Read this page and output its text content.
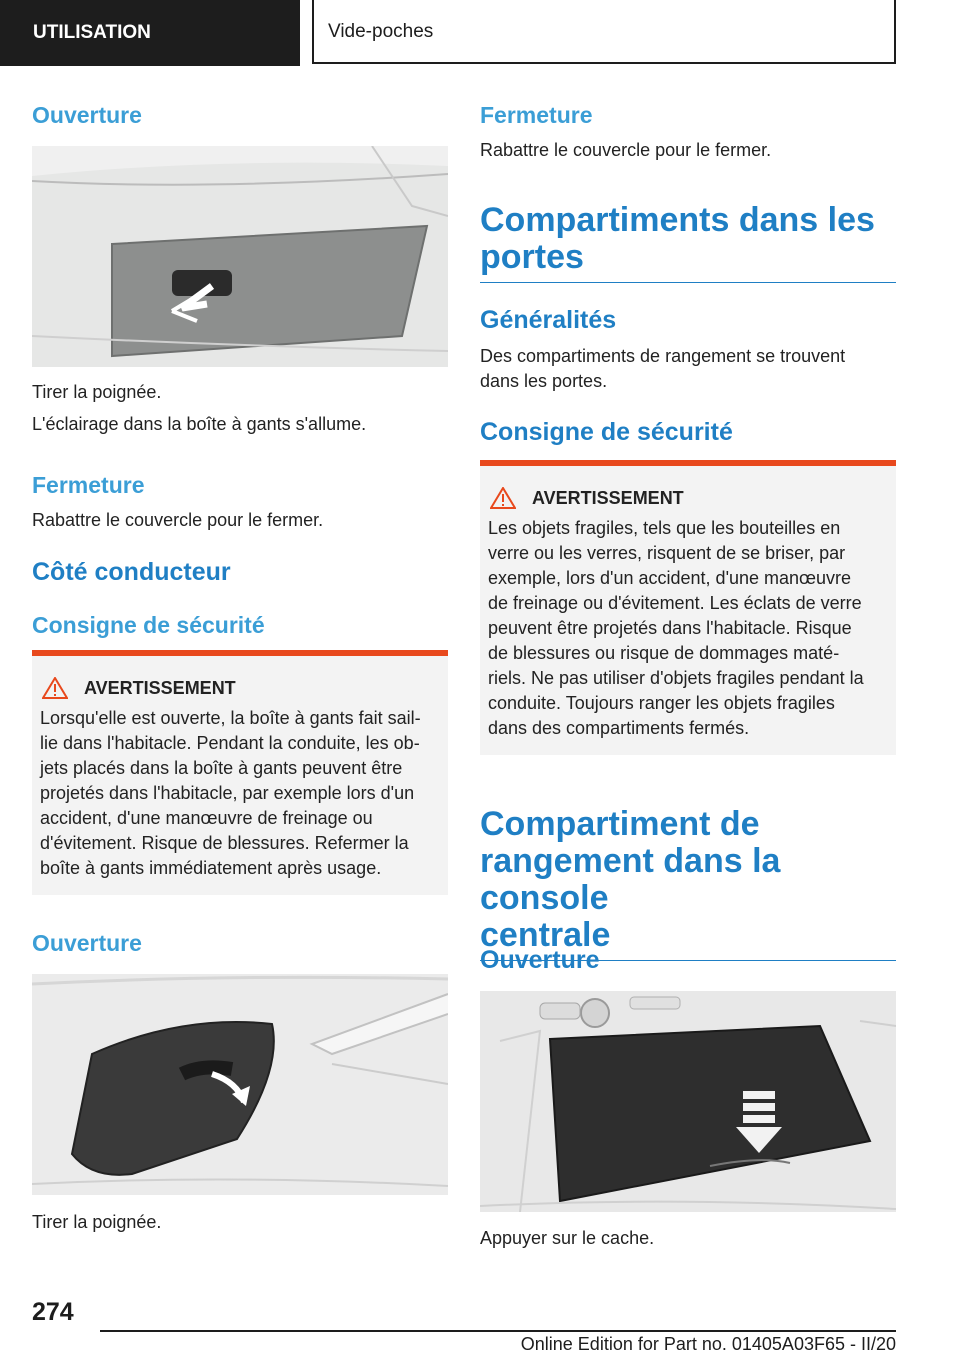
UTILISATION	Vide-poches
Ouverture

Tirer la poignée.

L'éclairage dans la boîte à gants s'allume.

Fermeture

Rabattre le couvercle pour le fermer.

Côté conducteur
Consigne de sécurité
AVERTISSEMENT

Lorsqu'elle est ouverte, la boîte à gants fait sail-

lie dans l'habitacle. Pendant la conduite, les ob-

jets placés dans la boîte à gants peuvent être

projetés dans l'habitacle, par exemple lors d'un

accident, d'une manœuvre de freinage ou

d'évitement. Risque de blessures. Refermer la

boîte à gants immédiatement après usage.

Ouverture

Tirer la poignée.

Fermeture

Rabattre le couvercle pour le fermer.

Compartiments dans les
portes
Généralités

Des compartiments de rangement se trouvent

dans les portes.

Consigne de sécurité
AVERTISSEMENT

Les objets fragiles, tels que les bouteilles en

verre ou les verres, risquent de se briser, par

exemple, lors d'un accident, d'une manœuvre

de freinage ou d'évitement. Les éclats de verre

peuvent être projetés dans l'habitacle. Risque

de blessures ou risque de dommages maté-

riels. Ne pas utiliser d'objets fragiles pendant la

conduite. Toujours ranger les objets fragiles

dans des compartiments fermés.

Compartiment de
rangement dans la console
centrale
Ouverture

Appuyer sur le cache.

274
Online Edition for Part no. 01405A03F65 - II/20
